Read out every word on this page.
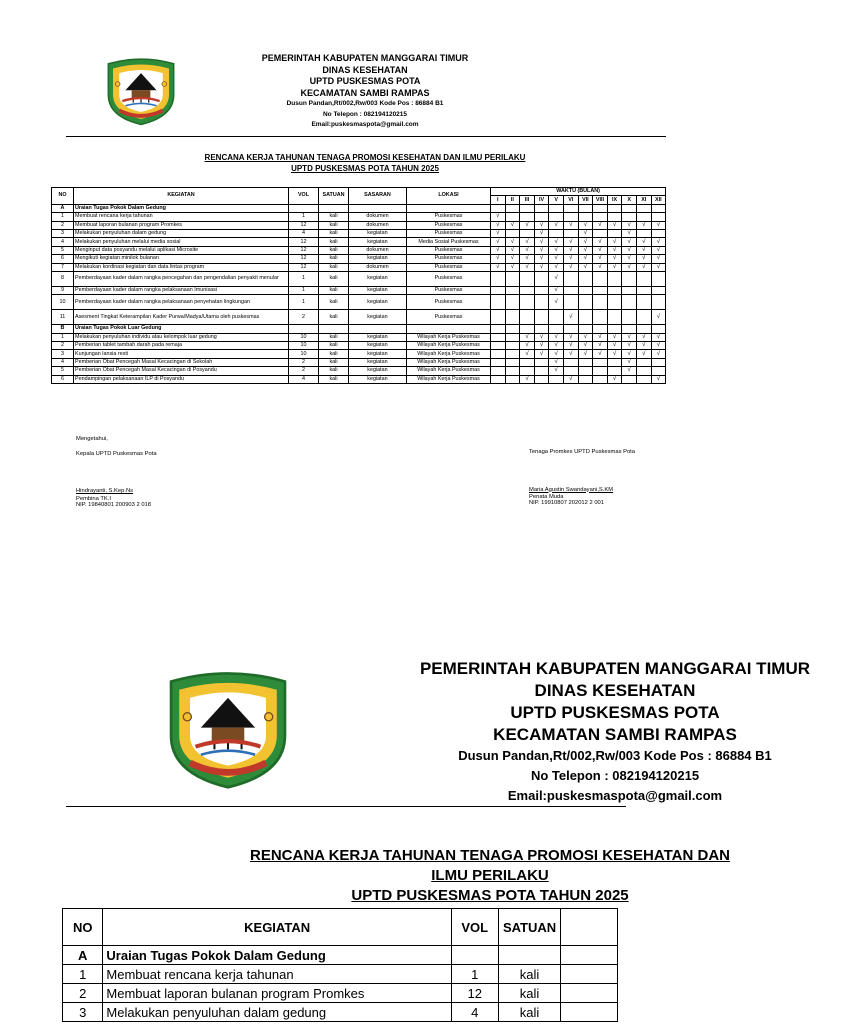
PEMERINTAH KABUPATEN MANGGARAI TIMUR
DINAS KESEHATAN
UPTD PUSKESMAS POTA
KECAMATAN SAMBI RAMPAS
Dusun Pandan,Rt/002,Rw/003 Kode Pos : 86884 B1
No Telepon : 082194120215
Email:puskesmaspota@gmail.com
RENCANA KERJA TAHUNAN TENAGA PROMOSI KESEHATAN DAN ILMU PERILAKU
UPTD PUSKESMAS POTA TAHUN 2025
NO	KEGIATAN	VOL	SATUAN	SASARAN	LOKASI	WAKTU (BULAN)											
						I	II	III	IV	V	VI	VII	VIII	IX	X	XI	XII
A	Uraian Tugas Pokok Dalam Gedung																
1	Membuat rencana kerja tahunan	1	kali	dokumen	Puskesmas	√											
2	Membuat laporan bulanan program Promkes	12	kali	dokumen	Puskesmas	√	√	√	√	√	√	√	√	√	√	√	√
3	Melakukan penyuluhan dalam gedung	4	kali	kegiatan	Puskesmas	√			√			√			√		
4	Melakukan penyuluhan melalui media sosial	12	kali	kegiatan	Media Sosial Puskesmas	√	√	√	√	√	√	√	√	√	√	√	√
5	Menginput data posyandu melalui aplikasi Microsite	12	kali	dokumen	Puskesmas	√	√	√	√	√	√	√	√	√	√	√	√
6	Mengikuti kegiatan minilok bulanan	12	kali	kegiatan	Puskesmas	√	√	√	√	√	√	√	√	√	√	√	√
7	Melakukan kordinasi kegiatan dan data lintas program	12	kali	dokumen	Puskesmas	√	√	√	√	√	√	√	√	√	√	√	√
8	Pemberdayaan kader dalam rangka pencegahan dan pengendalian penyakit menular	1	kali	kegiatan	Puskesmas					√							
9	Pemberdayaan kader dalam rangka pelaksanaan Imunisasi	1	kali	kegiatan	Puskesmas					√							
10	Pemberdayaan kader dalam rangka pelaksanaan penyehatan lingkungan	1	kali	kegiatan	Puskesmas					√							
11	Asesment Tingkat Keterampilan Kader Purwa/Madya/Utama oleh puskesmas	2	kali	kegiatan	Puskesmas						√						√
B	Uraian Tugas Pokok Luar Gedung																
1	Melakukan penyuluhan individu atau kelompok luar gedung	10	kali	kegiatan	Wilayah Kerja Puskesmas			√	√	√	√	√	√	√	√	√	√
2	Pemberian tablet tambah darah pada remaja	10	kali	kegiatan	Wilayah Kerja Puskesmas			√	√	√	√	√	√	√	√	√	√
3	Kunjungan lansia resti	10	kali	kegiatan	Wilayah Kerja Puskesmas			√	√	√	√	√	√	√	√	√	√
4	Pemberian Obat Pencegah Masal Kecacingan di Sekolah	2	kali	kegiatan	Wilayah Kerja Puskesmas					√					√		
5	Pemberian Obat Pencegah Masal Kecacingan di Posyandu	2	kali	kegiatan	Wilayah Kerja Puskesmas					√					√		
6	Pendampingan pelaksanaan ILP di Posyandu	4	kali	kegiatan	Wilayah Kerja Puskesmas			√			√			√			√
Mengetahui,
Kepala UPTD Puskesmas Pota
Hindrayanti, S.Kep.Ns
Pembina TK.I
NIP. 19840801 200903 2 018
Tenaga Promkes UPTD Puskesmas Pota
Maria Agustin Swandayani,S.KM
Penata Muda
NIP. 19910807 202012 2 001
PEMERINTAH KABUPATEN MANGGARAI TIMUR
DINAS KESEHATAN
UPTD PUSKESMAS POTA
KECAMATAN SAMBI RAMPAS
Dusun Pandan,Rt/002,Rw/003 Kode Pos : 86884 B1
No Telepon : 082194120215
Email:puskesmaspota@gmail.com
RENCANA KERJA TAHUNAN TENAGA PROMOSI KESEHATAN DAN ILMU PERILAKU
UPTD PUSKESMAS POTA TAHUN 2025
NO	KEGIATAN	VOL	SATUAN	
A	Uraian Tugas Pokok Dalam Gedung			
1	Membuat rencana kerja tahunan	1	kali	
2	Membuat laporan bulanan program Promkes	12	kali	
3	Melakukan penyuluhan dalam gedung	4	kali	
